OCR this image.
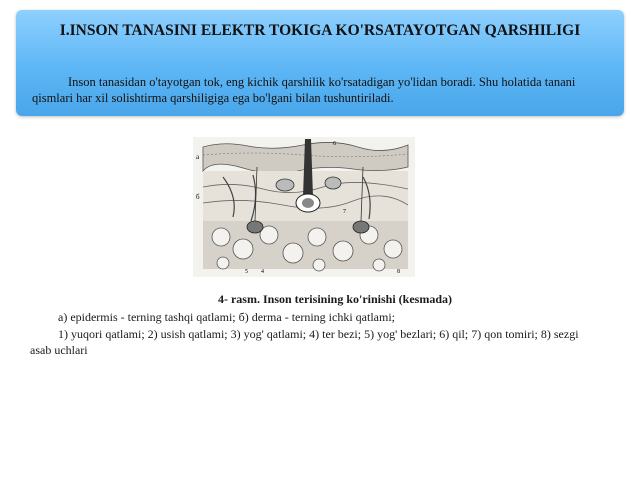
I.INSON TANASINI ELEKTR TOKIGA KO'RSATAYOTGAN QARSHILIGI

Inson tanasidan o'tayotgan tok, eng kichik qarshilik ko'rsatadigan yo'lidan boradi. Shu holatida tanani qismlari har xil solishtirma qarshiligiga ega bo'lgani bilan tushuntiriladi.

a
б
6
7
5 4	8

4- rasm. Inson terisining ko'rinishi (kesmada)

a) epidermis - terning tashqi qatlami; б) derma - terning ichki qatlami;

1) yuqori qatlami; 2) usish qatlami; 3) yog' qatlami; 4) ter bezi; 5) yog' bezlari; 6) qil; 7) qon tomiri; 8) sezgi asab uchlari
